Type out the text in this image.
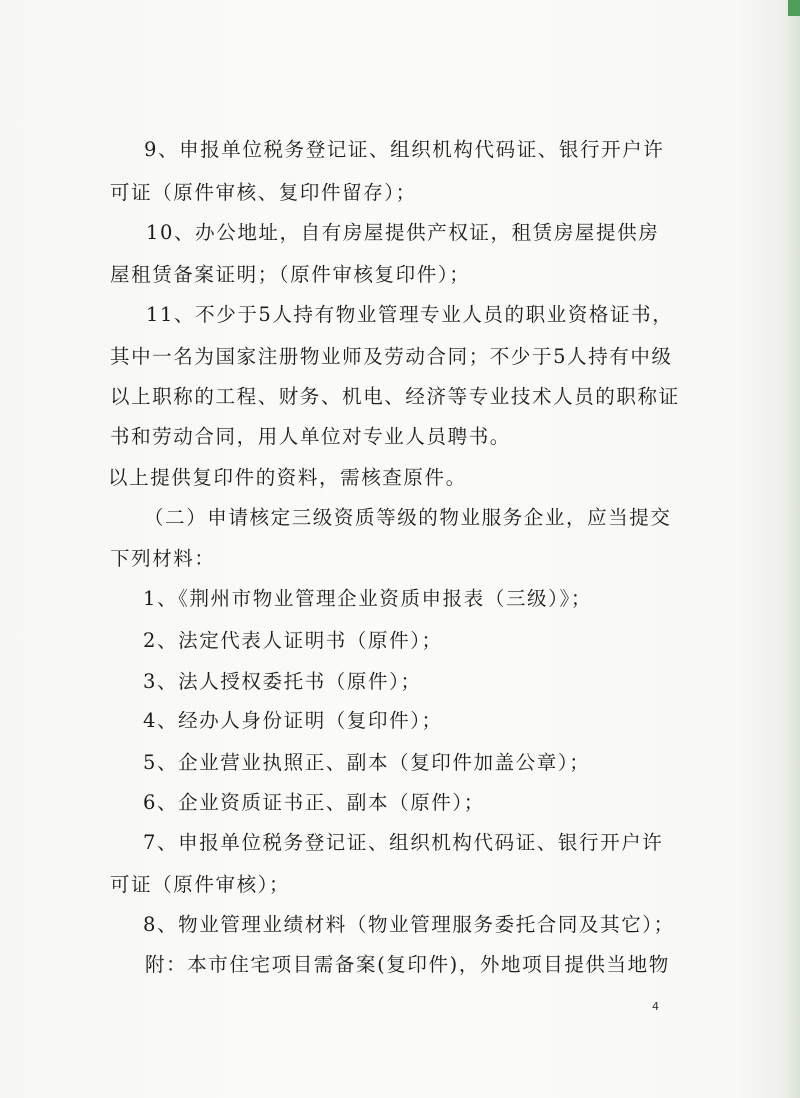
9、申报单位税务登记证、组织机构代码证、银行开户许
可证（原件审核、复印件留存）；
10、办公地址，自有房屋提供产权证，租赁房屋提供房
屋租赁备案证明；（原件审核复印件）；
11、不少于5人持有物业管理专业人员的职业资格证书，
其中一名为国家注册物业师及劳动合同；不少于5人持有中级
以上职称的工程、财务、机电、经济等专业技术人员的职称证
书和劳动合同，用人单位对专业人员聘书。
以上提供复印件的资料，需核查原件。
（二）申请核定三级资质等级的物业服务企业，应当提交
下列材料：
1、《荆州市物业管理企业资质申报表（三级）》；
2、法定代表人证明书（原件）；
3、法人授权委托书（原件）；
4、经办人身份证明（复印件）；
5、企业营业执照正、副本（复印件加盖公章）；
6、企业资质证书正、副本（原件）；
7、申报单位税务登记证、组织机构代码证、银行开户许
可证（原件审核）；
8、物业管理业绩材料（物业管理服务委托合同及其它）；
附：本市住宅项目需备案(复印件)，外地项目提供当地物
4
